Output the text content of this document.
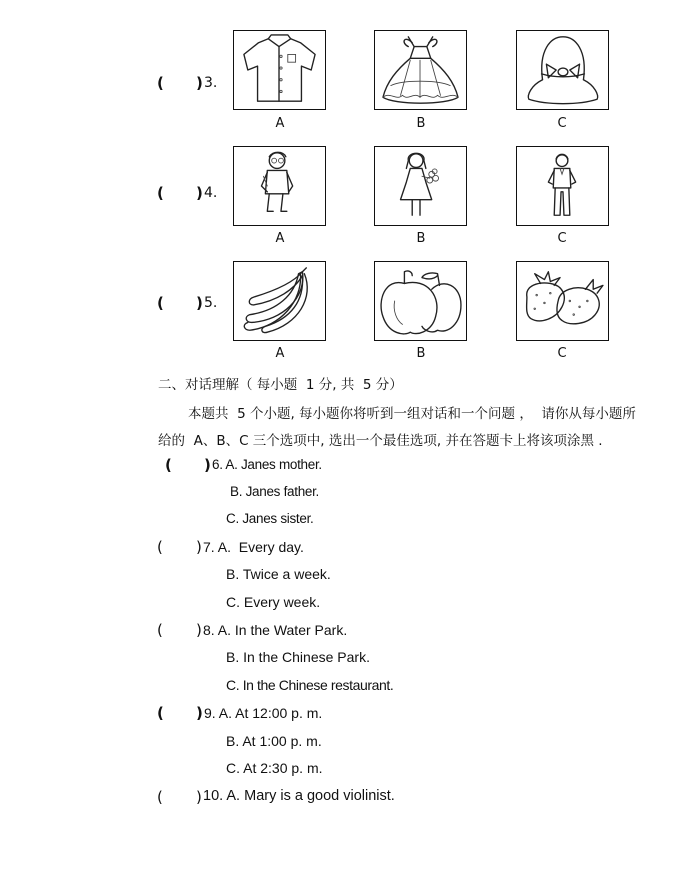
( ) 3.
A	B	C
( ) 4.
A	B	C
( ) 5.
A	B	C
二、对话理解（ 每小题  1 分, 共  5 分）
本题共  5 个小题, 每小题你将听到一组对话和一个问题 ，  请你从每小题所
给的  A、B、C 三个选项中, 选出一个最佳选项, 并在答题卡上将该项涂黑 .
( ) 6. A. Janes mother.
B. Janes father.
C. Janes sister.
( ) 7. A.  Every day.
B. Twice a week.
C. Every week.
( ) 8. A. In the Water Park.
B. In the Chinese Park.
C. In the Chinese restaurant.
( ) 9. A. At 12:00 p. m.
B. At 1:00 p. m.
C. At 2:30 p. m.
( ) 10. A. Mary is a good violinist.
